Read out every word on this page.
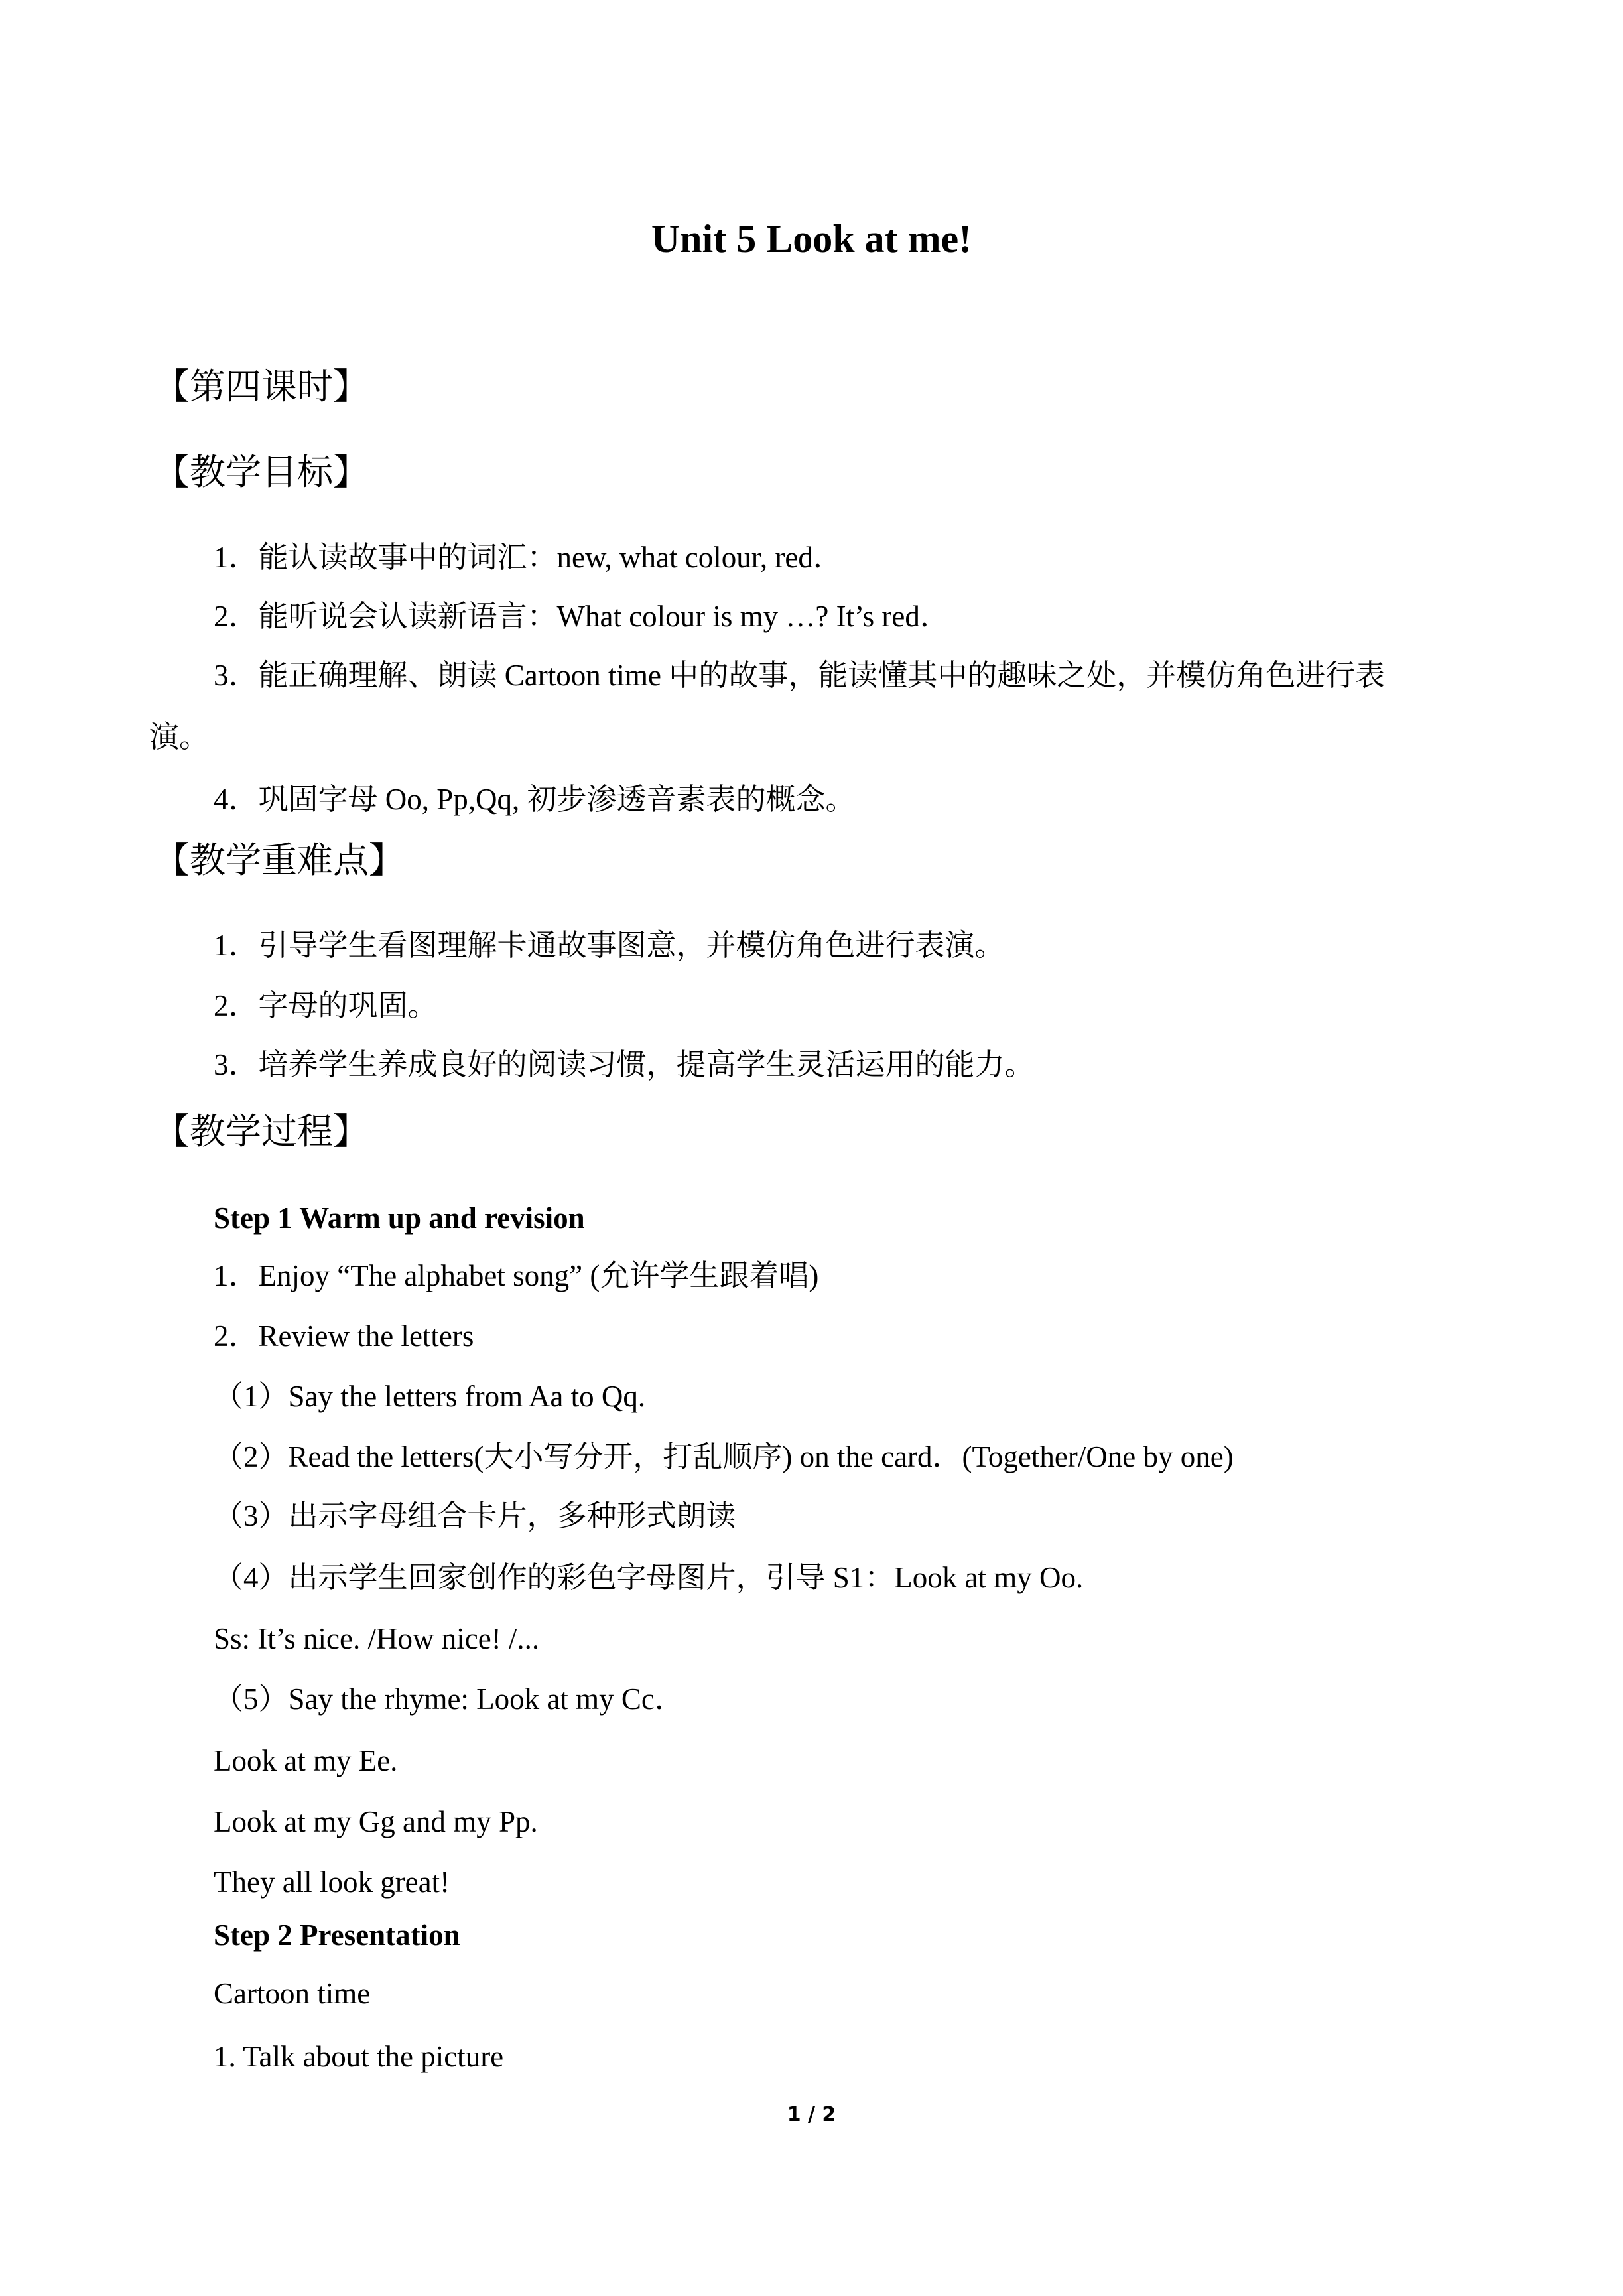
Unit 5 Look at me!
【第四课时】
【教学目标】
1．能认读故事中的词汇：new, what colour, red．
2．能听说会认读新语言：What colour is my …? It’s red．
3．能正确理解、朗读 Cartoon time 中的故事，能读懂其中的趣味之处，并模仿角色进行表
演。
4．巩固字母 Oo, Pp,Qq, 初步渗透音素表的概念。
【教学重难点】
1．引导学生看图理解卡通故事图意，并模仿角色进行表演。
2．字母的巩固。
3．培养学生养成良好的阅读习惯，提高学生灵活运用的能力。
【教学过程】
Step 1 Warm up and revision
1．Enjoy “The alphabet song” (允许学生跟着唱)
2．Review the letters
（1）Say the letters from Aa to Qq.
（2）Read the letters(大小写分开，打乱顺序) on the card．(Together/One by one)
（3）出示字母组合卡片，多种形式朗读
（4）出示学生回家创作的彩色字母图片，引导 S1：Look at my Oo.
Ss: It’s nice. /How nice! /...
（5）Say the rhyme: Look at my Cc．
Look at my Ee.
Look at my Gg and my Pp.
They all look great!
Step 2 Presentation
Cartoon time
1. Talk about the picture
1 / 2
